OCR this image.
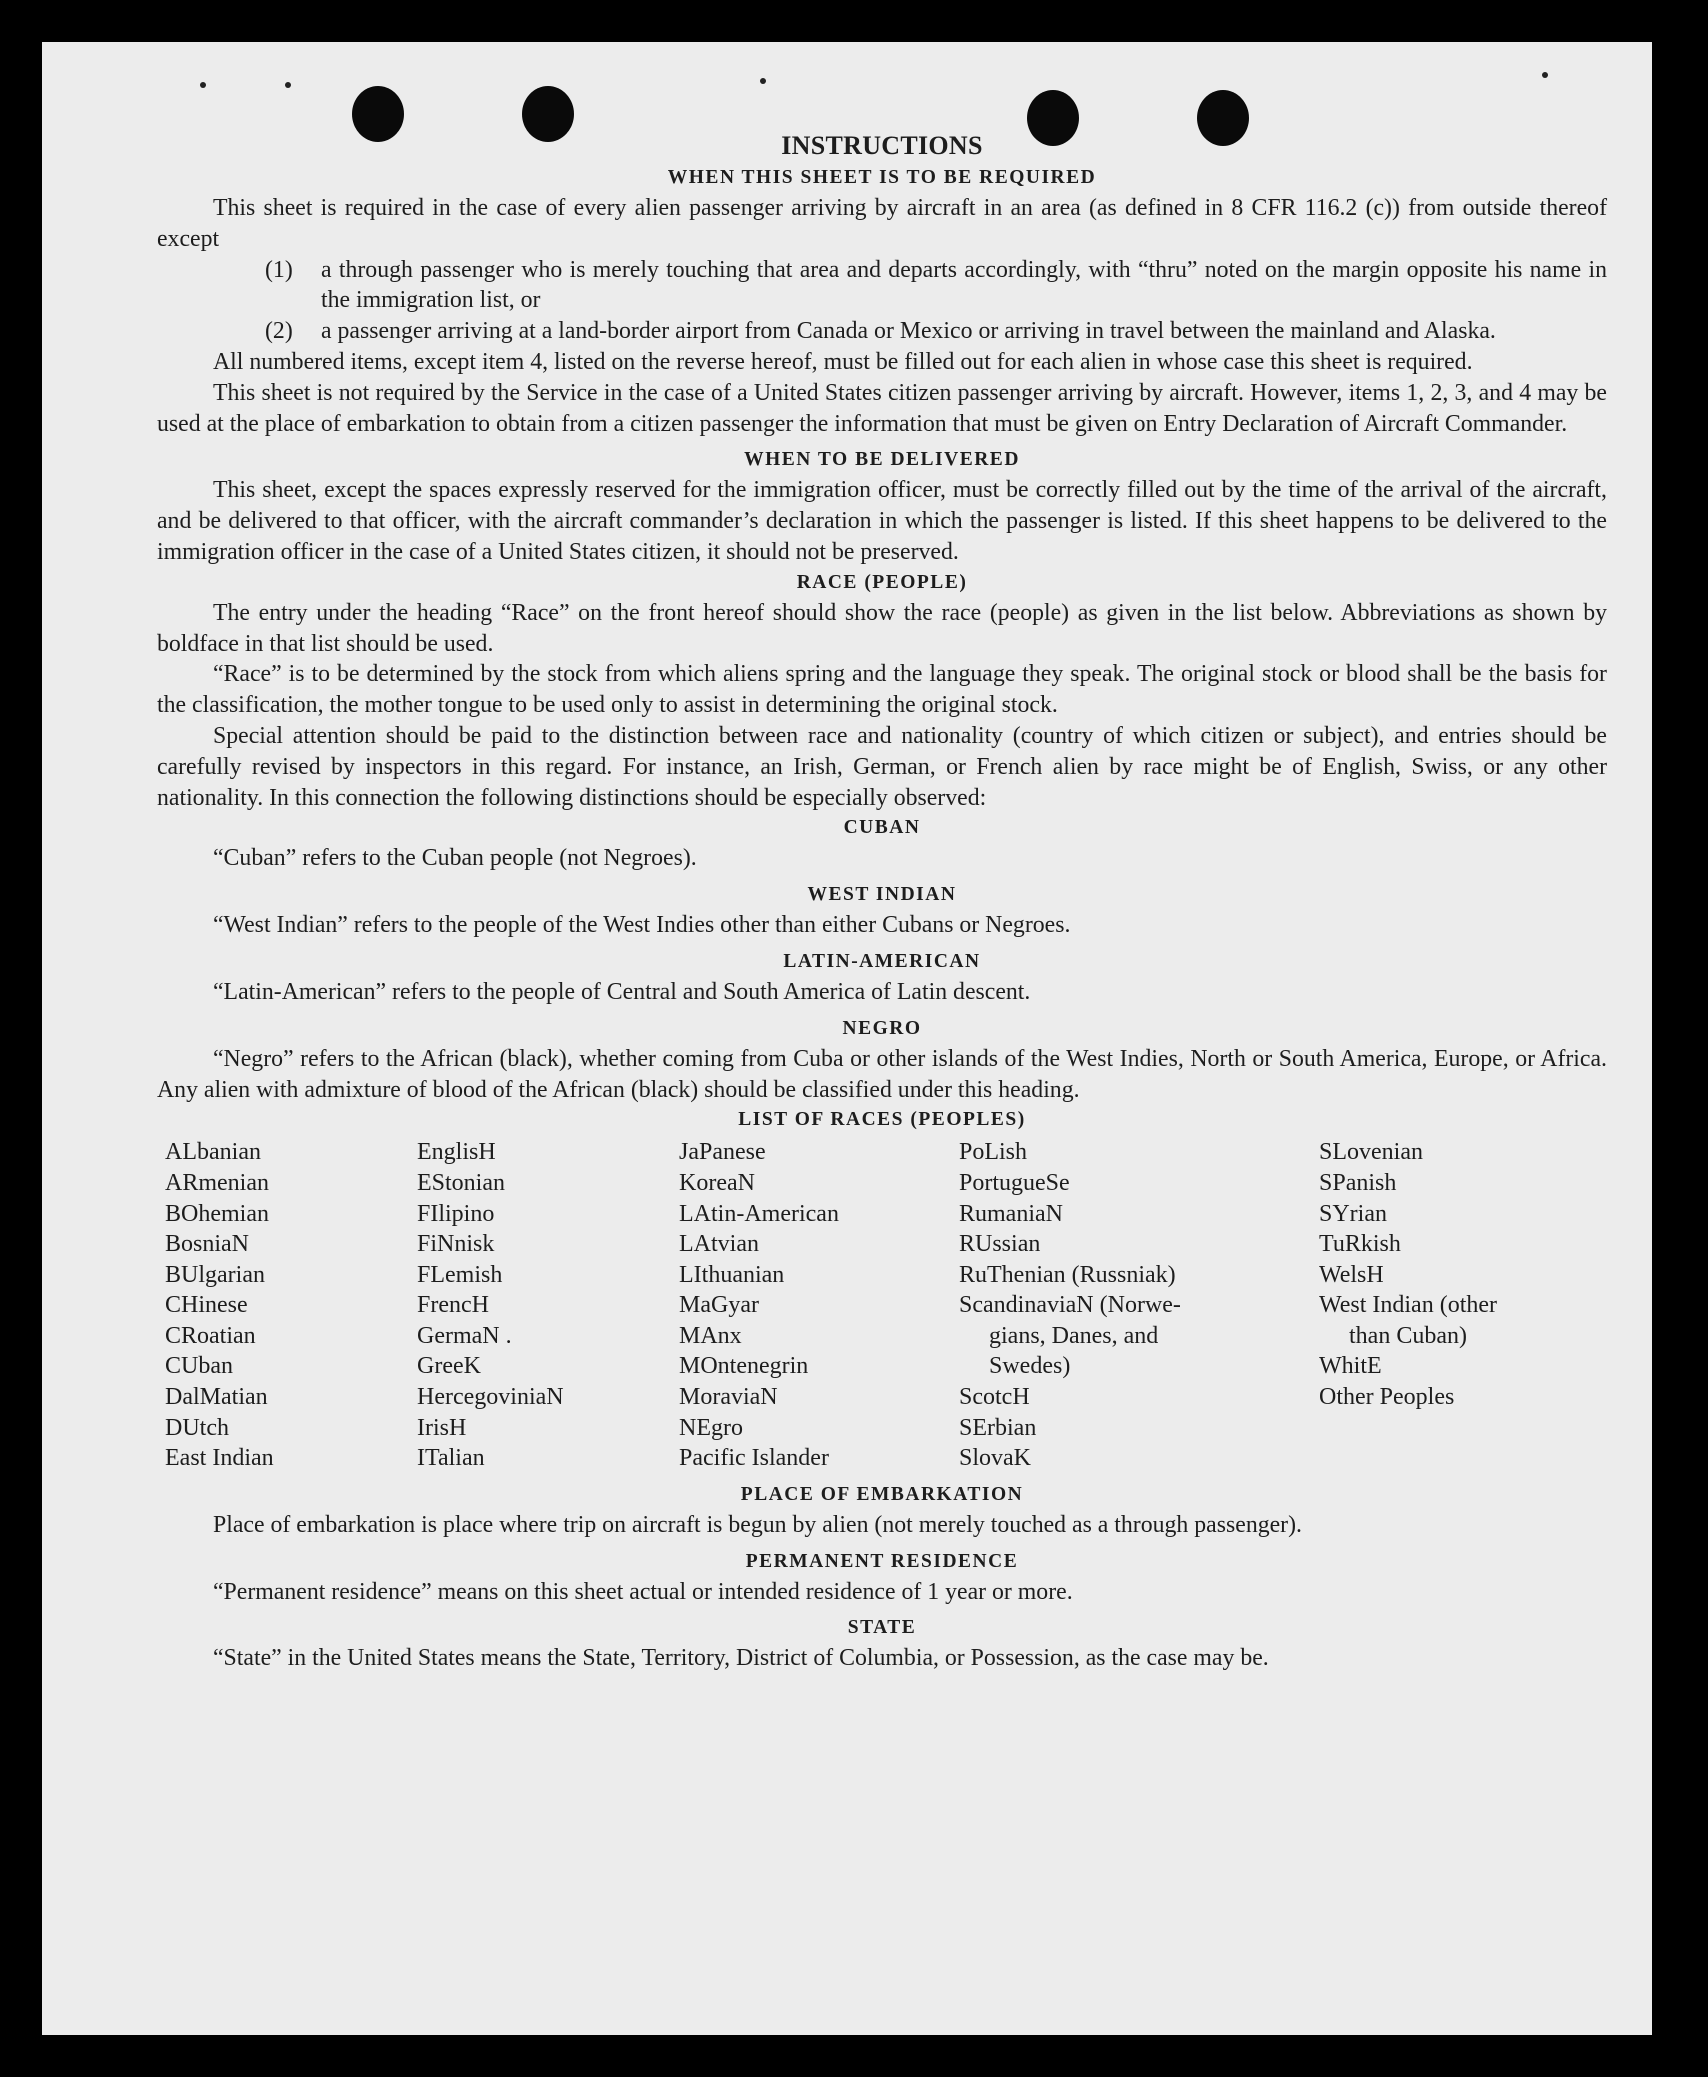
INSTRUCTIONS
WHEN THIS SHEET IS TO BE REQUIRED

This sheet is required in the case of every alien passenger arriving by aircraft in an area (as defined in 8 CFR 116.2 (c)) from outside thereof except

(1)	a through passenger who is merely touching that area and departs accordingly, with “thru” noted on the margin opposite his name in the immigration list, or
(2)	a passenger arriving at a land-border airport from Canada or Mexico or arriving in travel between the mainland and Alaska.

All numbered items, except item 4, listed on the reverse hereof, must be filled out for each alien in whose case this sheet is required.

This sheet is not required by the Service in the case of a United States citizen passenger arriving by aircraft. However, items 1, 2, 3, and 4 may be used at the place of embarkation to obtain from a citizen passenger the information that must be given on Entry Declaration of Aircraft Commander.

WHEN TO BE DELIVERED

This sheet, except the spaces expressly reserved for the immigration officer, must be correctly filled out by the time of the arrival of the aircraft, and be delivered to that officer, with the aircraft commander’s declaration in which the passenger is listed. If this sheet happens to be delivered to the immigration officer in the case of a United States citizen, it should not be preserved.

RACE (PEOPLE)

The entry under the heading “Race” on the front hereof should show the race (people) as given in the list below. Abbreviations as shown by boldface in that list should be used.

“Race” is to be determined by the stock from which aliens spring and the language they speak. The original stock or blood shall be the basis for the classification, the mother tongue to be used only to assist in determining the original stock.

Special attention should be paid to the distinction between race and nationality (country of which citizen or subject), and entries should be carefully revised by inspectors in this regard. For instance, an Irish, German, or French alien by race might be of English, Swiss, or any other nationality. In this connection the following distinctions should be especially observed:

CUBAN

“Cuban” refers to the Cuban people (not Negroes).

WEST INDIAN

“West Indian” refers to the people of the West Indies other than either Cubans or Negroes.

LATIN-AMERICAN

“Latin-American” refers to the people of Central and South America of Latin descent.

NEGRO

“Negro” refers to the African (black), whether coming from Cuba or other islands of the West Indies, North or South America, Europe, or Africa. Any alien with admixture of blood of the African (black) should be classified under this heading.

LIST OF RACES (PEOPLES)
ALbanian
ARmenian
BOhemian
BosniaN
BUlgarian
CHinese
CRoatian
CUban
DalMatian
DUtch
East Indian
EnglisH
EStonian
FIlipino
FiNnisk
FLemish
FrencH
GermaN .
GreeK
HercegoviniaN
IrisH
ITalian
JaPanese
KoreaN
LAtin-American
LAtvian
LIthuanian
MaGyar
MAnx
MOntenegrin
MoraviaN
NEgro
Pacific Islander
PoLish
PortugueSe
RumaniaN
RUssian
RuThenian (Russniak)
ScandinaviaN (Norwe-
gians, Danes, and
Swedes)
ScotcH
SErbian
SlovaK
SLovenian
SPanish
SYrian
TuRkish
WelsH
West Indian (other
than Cuban)
WhitE
Other Peoples
PLACE OF EMBARKATION

Place of embarkation is place where trip on aircraft is begun by alien (not merely touched as a through passenger).

PERMANENT RESIDENCE

“Permanent residence” means on this sheet actual or intended residence of 1 year or more.

STATE

“State” in the United States means the State, Territory, District of Columbia, or Possession, as the case may be.
